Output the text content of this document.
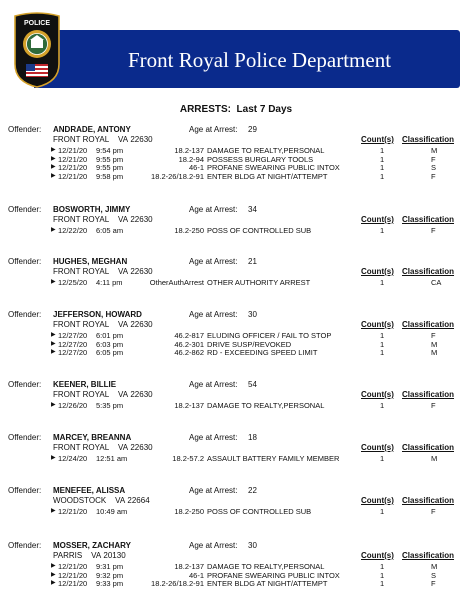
Front Royal Police Department
POLICE
ARRESTS:  Last 7 Days
Offender: ANDRADE, ANTONY	Age at Arrest: 29
FRONT ROYAL VA 22630	Count(s) Classification
▶ 12/21/20 9:54 pm	18.2-137 DAMAGE TO REALTY,PERSONAL	1	M
▶ 12/21/20 9:55 pm	18.2-94 POSSESS BURGLARY TOOLS	1	F
▶ 12/21/20 9:55 pm	46-1 PROFANE SWEARING PUBLIC INTOX	1	S
▶ 12/21/20 9:58 pm	18.2-26/18.2-91 ENTER BLDG AT NIGHT/ATTEMPT	1	F
Offender: BOSWORTH, JIMMY	Age at Arrest: 34
FRONT ROYAL VA 22630	Count(s) Classification
▶ 12/22/20 6:05 am	18.2-250 POSS OF CONTROLLED SUB	1	F
Offender: HUGHES, MEGHAN	Age at Arrest: 21
FRONT ROYAL VA 22630	Count(s) Classification
▶ 12/25/20 4:11 pm	OtherAuthArrest OTHER AUTHORITY ARREST	1	CA
Offender: JEFFERSON, HOWARD	Age at Arrest: 30
FRONT ROYAL VA 22630	Count(s) Classification
▶ 12/27/20 6:01 pm	46.2-817 ELUDING OFFICER / FAIL TO STOP	1	F
▶ 12/27/20 6:03 pm	46.2-301 DRIVE SUSP/REVOKED	1	M
▶ 12/27/20 6:05 pm	46.2-862 RD - EXCEEDING SPEED LIMIT	1	M
Offender: KEENER, BILLIE	Age at Arrest: 54
FRONT ROYAL VA 22630	Count(s) Classification
▶ 12/26/20 5:35 pm	18.2-137 DAMAGE TO REALTY,PERSONAL	1	F
Offender: MARCEY, BREANNA	Age at Arrest: 18
FRONT ROYAL VA 22630	Count(s) Classification
▶ 12/24/20 12:51 am	18.2-57.2 ASSAULT BATTERY FAMILY MEMBER	1	M
Offender: MENEFEE, ALISSA	Age at Arrest: 22
WOODSTOCK VA 22664	Count(s) Classification
▶ 12/21/20 10:49 am	18.2-250 POSS OF CONTROLLED SUB	1	F
Offender: MOSSER, ZACHARY	Age at Arrest: 30
PARRIS VA 20130	Count(s) Classification
▶ 12/21/20 9:31 pm	18.2-137 DAMAGE TO REALTY,PERSONAL	1	M
▶ 12/21/20 9:32 pm	46-1 PROFANE SWEARING PUBLIC INTOX	1	S
▶ 12/21/20 9:33 pm	18.2-26/18.2-91 ENTER BLDG AT NIGHT/ATTEMPT	1	F
